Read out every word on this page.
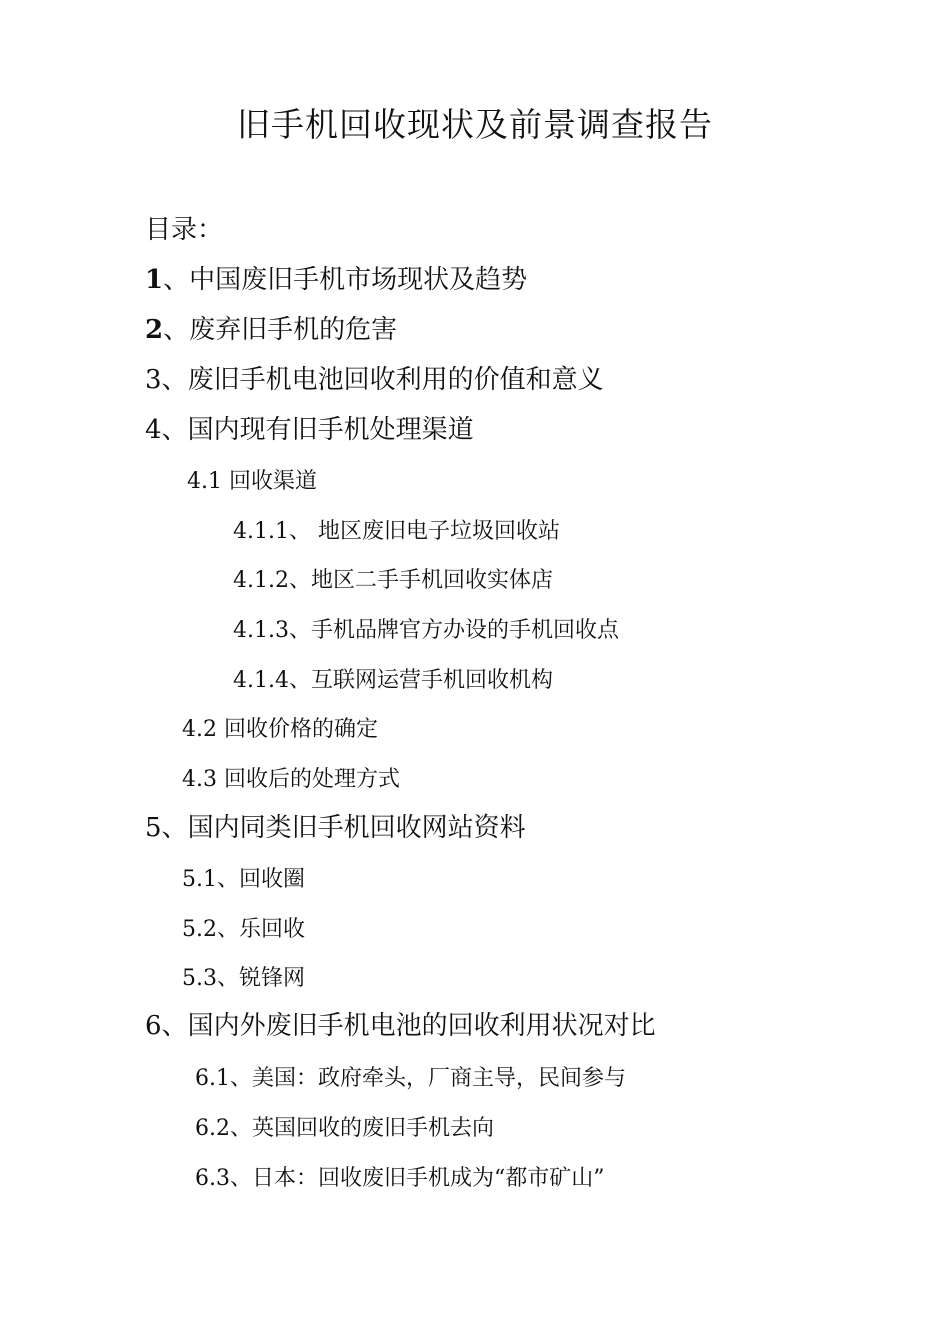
旧手机回收现状及前景调查报告
目录：
1、中国废旧手机市场现状及趋势
2、废弃旧手机的危害
3、废旧手机电池回收利用的价值和意义
4、国内现有旧手机处理渠道
4.1 回收渠道
4.1.1、 地区废旧电子垃圾回收站
4.1.2、地区二手手机回收实体店
4.1.3、手机品牌官方办设的手机回收点
4.1.4、互联网运营手机回收机构
4.2 回收价格的确定
4.3 回收后的处理方式
5、国内同类旧手机回收网站资料
5.1、回收圈
5.2、乐回收
5.3、锐锋网
6、国内外废旧手机电池的回收利用状况对比
6.1、美国：政府牵头，厂商主导，民间参与
6.2、英国回收的废旧手机去向
6.3、日本：回收废旧手机成为“都市矿山”
